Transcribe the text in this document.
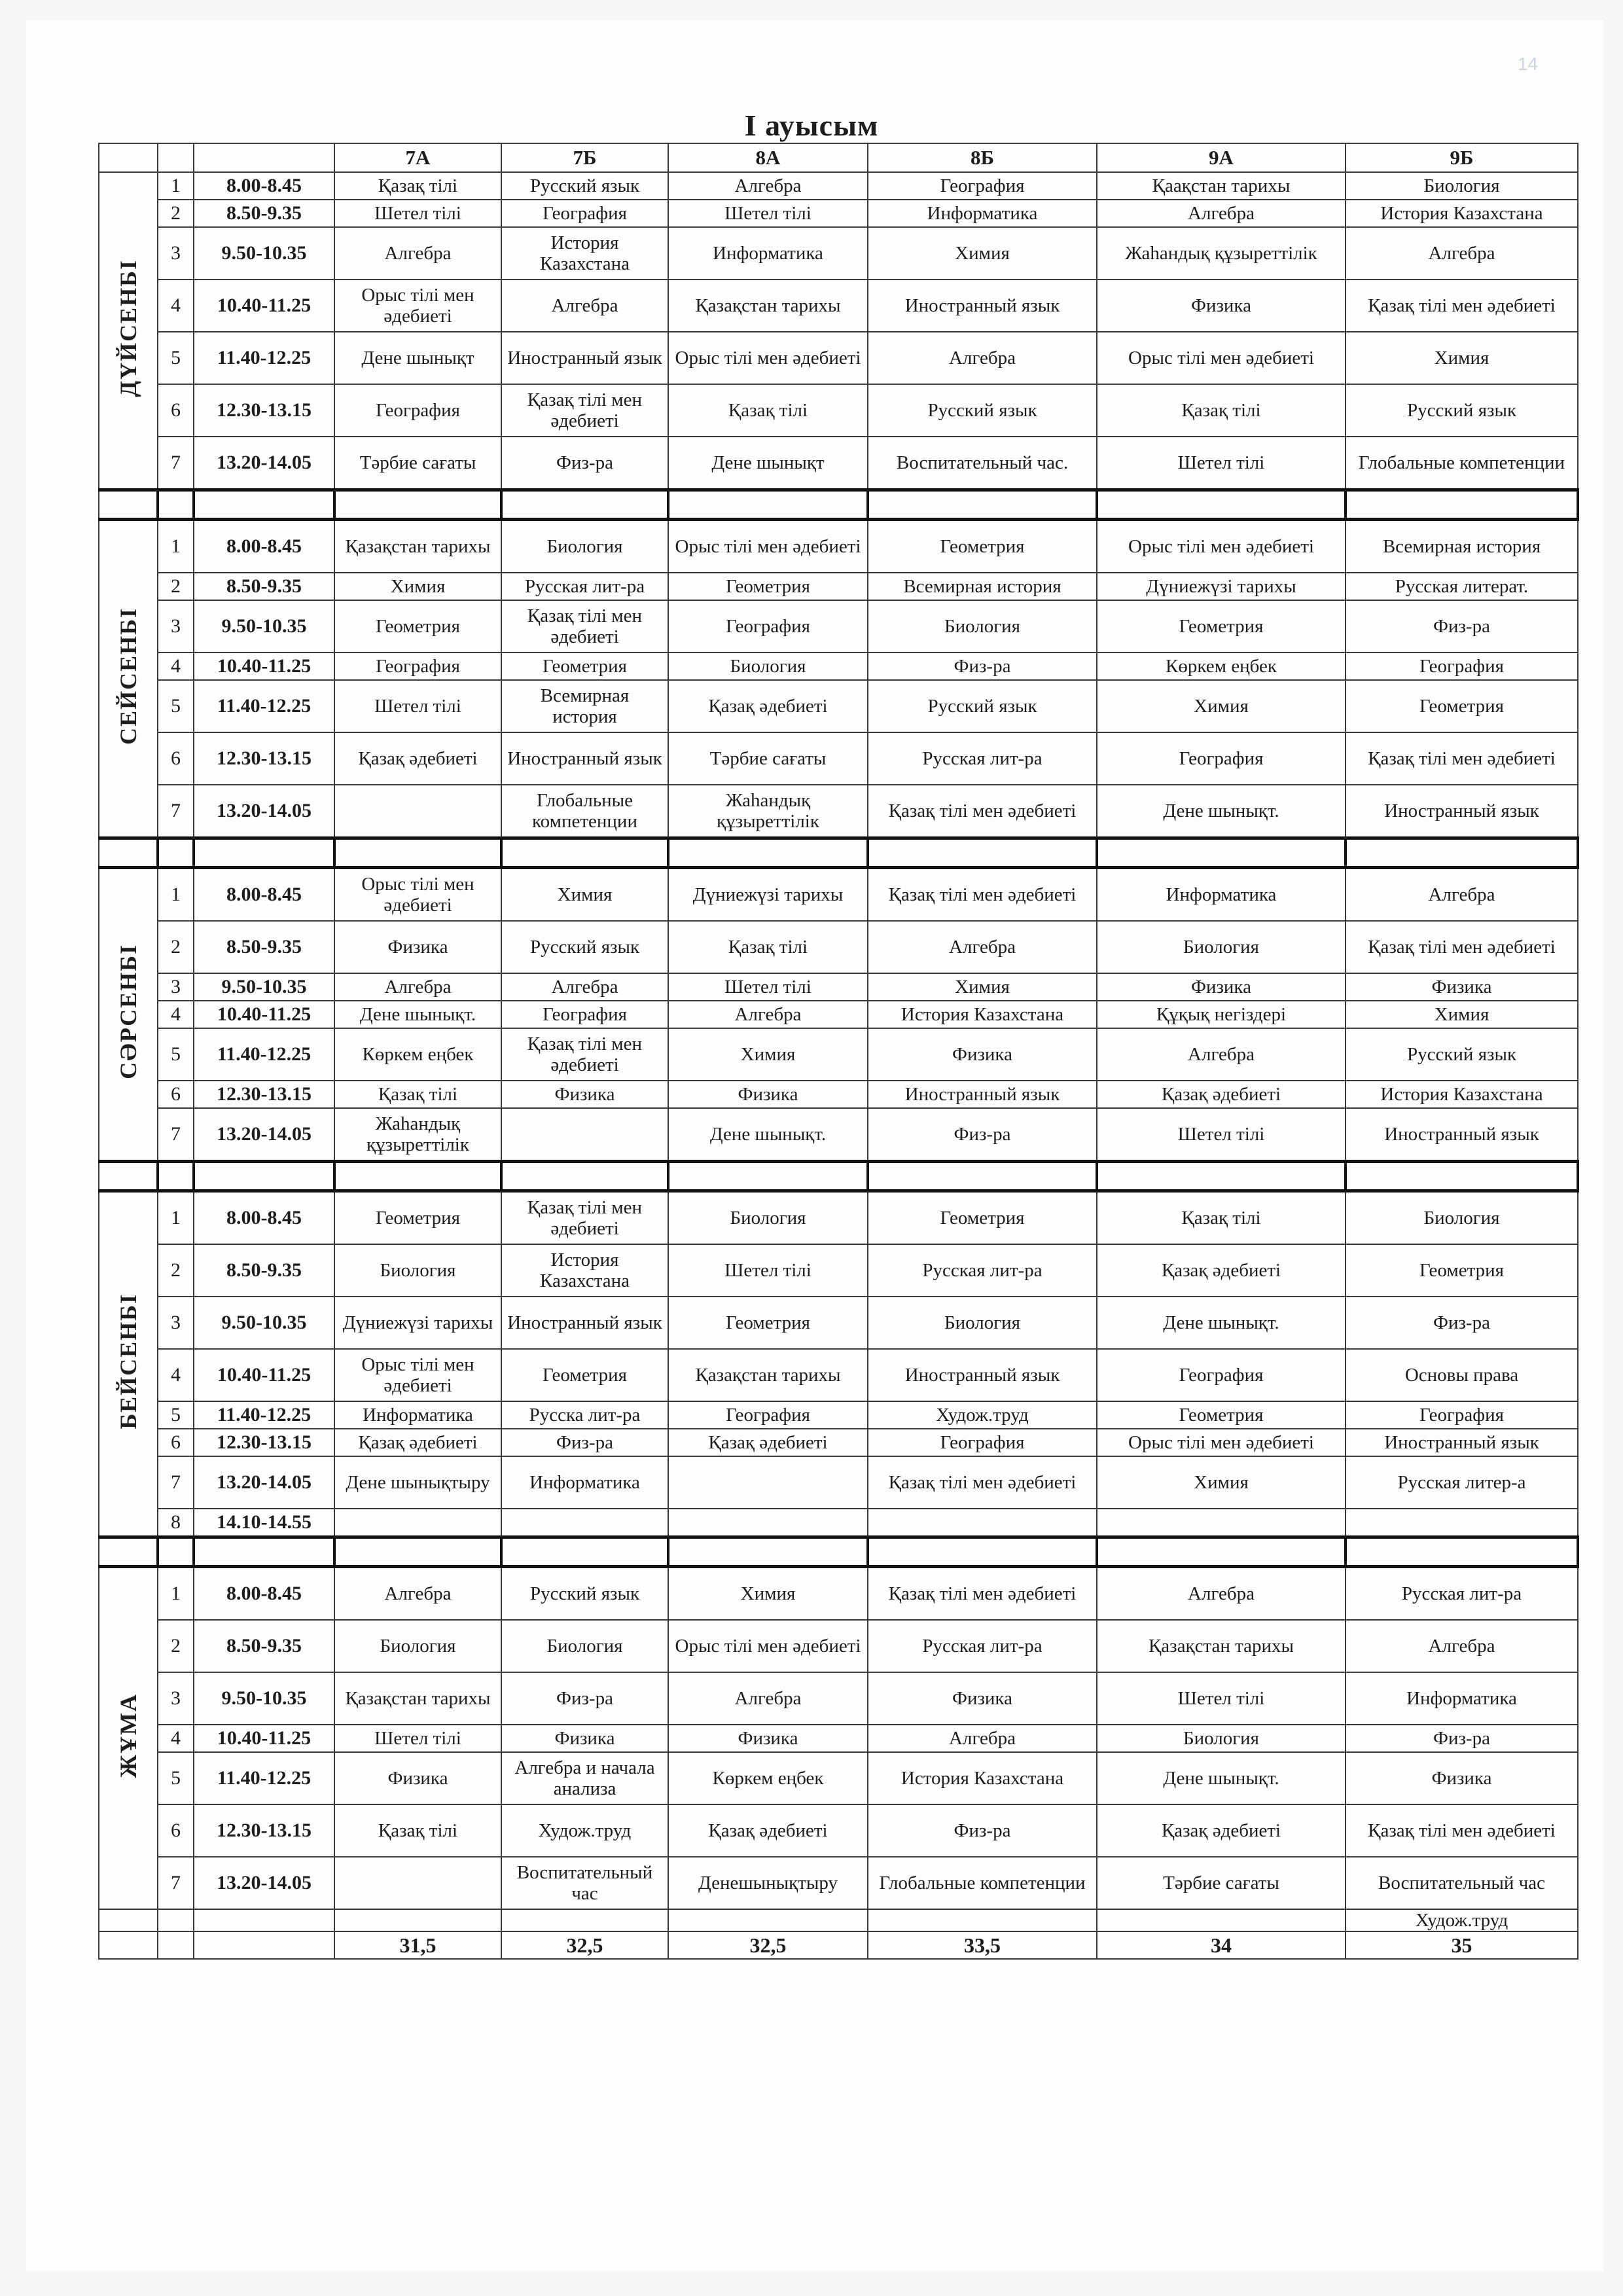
14
I ауысым
			7А	7Б	8А	8Б	9А	9Б
ДҮЙСЕНБІ	1	8.00-8.45	Қазақ тілі	Русский язык	Алгебра	География	Қаақстан тарихы	Биология
	2	8.50-9.35	Шетел тілі	География	Шетел тілі	Информатика	Алгебра	История Казахстана
	3	9.50-10.35	Алгебра	История Казахстана	Информатика	Химия	Жаһандық құзыреттілік	Алгебра
	4	10.40-11.25	Орыс тілі мен әдебиеті	Алгебра	Қазақстан тарихы	Иностранный язык	Физика	Қазақ тілі мен әдебиеті
	5	11.40-12.25	Дене шынықт	Иностранный язык	Орыс тілі мен әдебиеті	Алгебра	Орыс тілі мен әдебиеті	Химия
	6	12.30-13.15	География	Қазақ тілі мен әдебиеті	Қазақ тілі	Русский язык	Қазақ тілі	Русский язык
	7	13.20-14.05	Тәрбие сағаты	Физ-ра	Дене шынықт	Воспитательный час.	Шетел тілі	Глобальные компетенции

СЕЙСЕНБІ	1	8.00-8.45	Қазақстан тарихы	Биология	Орыс тілі мен әдебиеті	Геометрия	Орыс тілі мен әдебиеті	Всемирная история
	2	8.50-9.35	Химия	Русская лит-ра	Геометрия	Всемирная история	Дүниежүзі тарихы	Русская литерат.
	3	9.50-10.35	Геометрия	Қазақ тілі мен әдебиеті	География	Биология	Геометрия	Физ-ра
	4	10.40-11.25	География	Геометрия	Биология	Физ-ра	Көркем еңбек	География
	5	11.40-12.25	Шетел тілі	Всемирная история	Қазақ әдебиеті	Русский язык	Химия	Геометрия
	6	12.30-13.15	Қазақ әдебиеті	Иностранный язык	Тәрбие сағаты	Русская лит-ра	География	Қазақ тілі мен әдебиеті
	7	13.20-14.05		Глобальные компетенции	Жаһандық құзыреттілік	Қазақ тілі мен әдебиеті	Дене шынықт.	Иностранный язык

СӘРСЕНБІ	1	8.00-8.45	Орыс тілі мен әдебиеті	Химия	Дүниежүзі тарихы	Қазақ тілі мен әдебиеті	Информатика	Алгебра
	2	8.50-9.35	Физика	Русский язык	Қазақ тілі	Алгебра	Биология	Қазақ тілі мен әдебиеті
	3	9.50-10.35	Алгебра	Алгебра	Шетел тілі	Химия	Физика	Физика
	4	10.40-11.25	Дене шынықт.	География	Алгебра	История Казахстана	Құқық негіздері	Химия
	5	11.40-12.25	Көркем еңбек	Қазақ тілі мен әдебиеті	Химия	Физика	Алгебра	Русский язык
	6	12.30-13.15	Қазақ тілі	Физика	Физика	Иностранный язык	Қазақ әдебиеті	История Казахстана
	7	13.20-14.05	Жаһандық құзыреттілік		Дене шынықт.	Физ-ра	Шетел тілі	Иностранный язык

БЕЙСЕНБІ	1	8.00-8.45	Геометрия	Қазақ тілі мен әдебиеті	Биология	Геометрия	Қазақ тілі	Биология
	2	8.50-9.35	Биология	История Казахстана	Шетел тілі	Русская лит-ра	Қазақ әдебиеті	Геометрия
	3	9.50-10.35	Дүниежүзі тарихы	Иностранный язык	Геометрия	Биология	Дене шынықт.	Физ-ра
	4	10.40-11.25	Орыс тілі мен әдебиеті	Геометрия	Қазақстан тарихы	Иностранный язык	География	Основы права
	5	11.40-12.25	Информатика	Русска лит-ра	География	Худож.труд	Геометрия	География
	6	12.30-13.15	Қазақ әдебиеті	Физ-ра	Қазақ әдебиеті	География	Орыс тілі мен әдебиеті	Иностранный язык
	7	13.20-14.05	Дене шынықтыру	Информатика		Қазақ тілі мен әдебиеті	Химия	Русская литер-а
	8	14.10-14.55						

ЖҰМА	1	8.00-8.45	Алгебра	Русский язык	Химия	Қазақ тілі мен әдебиеті	Алгебра	Русская лит-ра
	2	8.50-9.35	Биология	Биология	Орыс тілі мен әдебиеті	Русская лит-ра	Қазақстан тарихы	Алгебра
	3	9.50-10.35	Қазақстан тарихы	Физ-ра	Алгебра	Физика	Шетел тілі	Информатика
	4	10.40-11.25	Шетел тілі	Физика	Физика	Алгебра	Биология	Физ-ра
	5	11.40-12.25	Физика	Алгебра и начала анализа	Көркем еңбек	История Казахстана	Дене шынықт.	Физика
	6	12.30-13.15	Қазақ тілі	Худож.труд	Қазақ әдебиеті	Физ-ра	Қазақ әдебиеті	Қазақ тілі мен әдебиеті
	7	13.20-14.05		Воспитательный час	Денешынықтыру	Глобальные компетенции	Тәрбие сағаты	Воспитательный час
								Худож.труд
			31,5	32,5	32,5	33,5	34	35
